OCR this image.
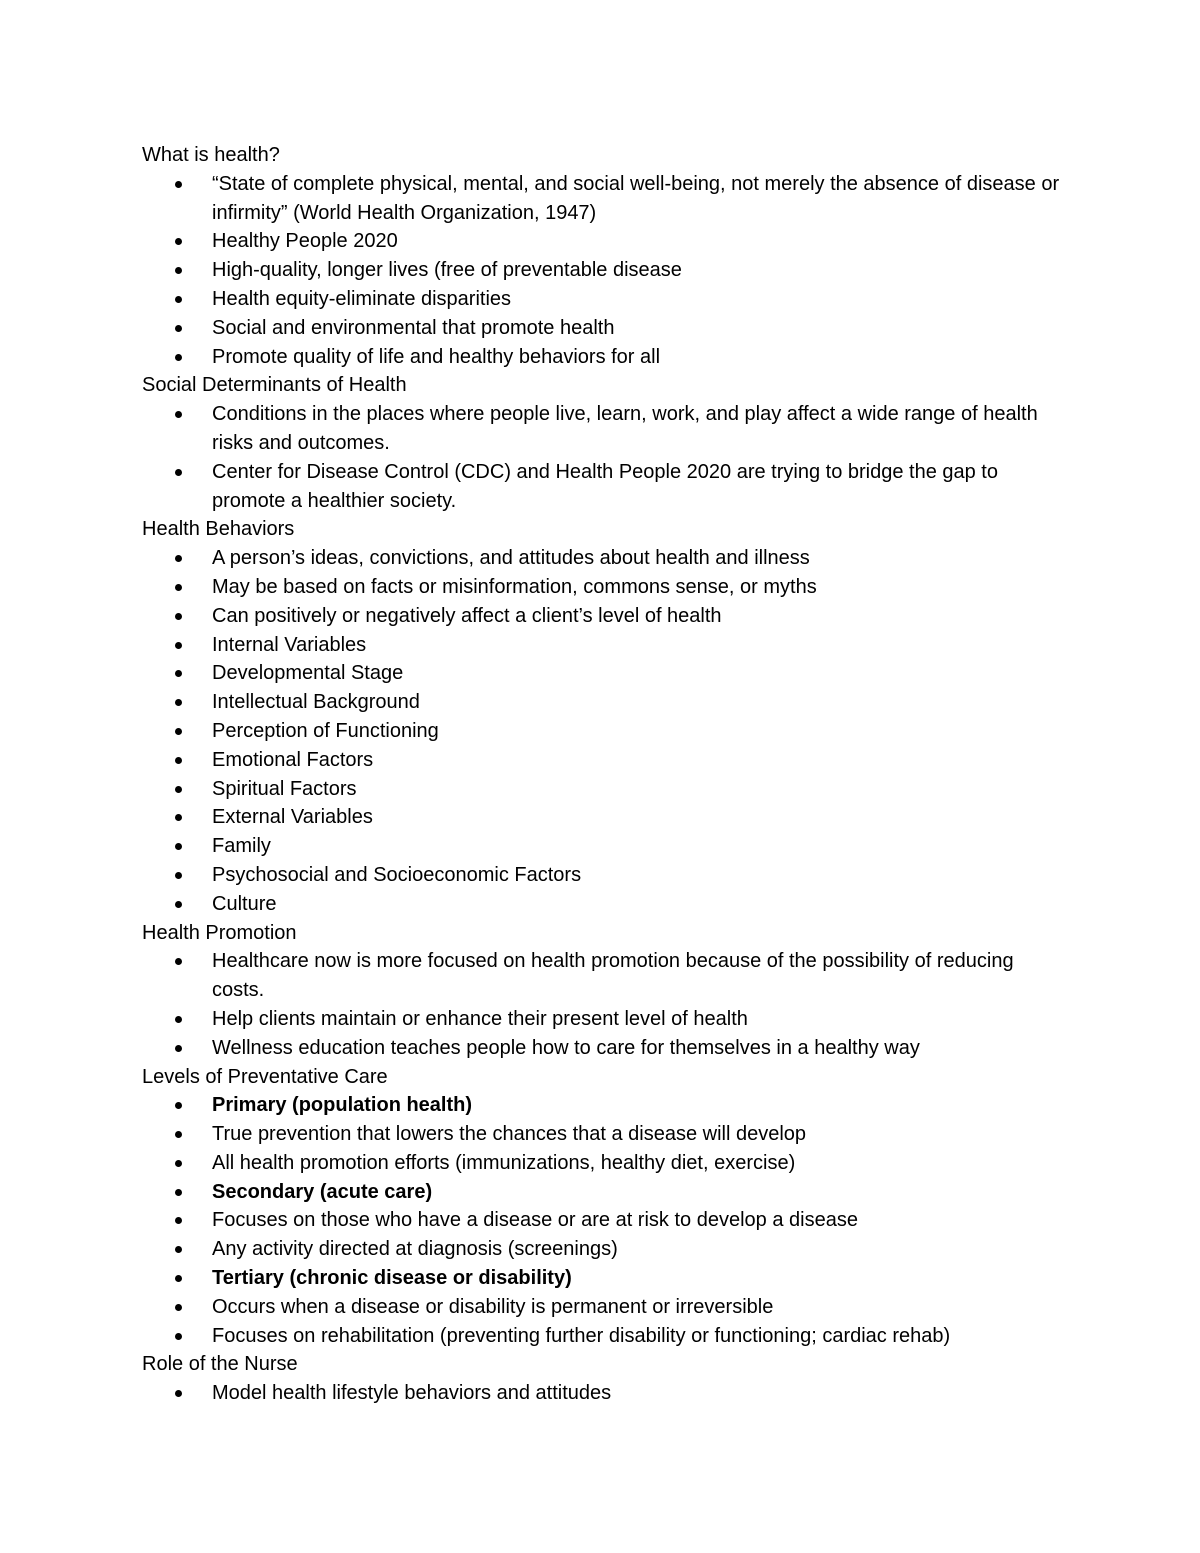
What is health?

“State of complete physical, mental, and social well-being, not merely the absence of disease or infirmity” (World Health Organization, 1947)
Healthy People 2020
High-quality, longer lives (free of preventable disease
Health equity-eliminate disparities
Social and environmental that promote health
Promote quality of life and healthy behaviors for all

Social Determinants of Health

Conditions in the places where people live, learn, work, and play affect a wide range of health risks and outcomes.
Center for Disease Control (CDC) and Health People 2020 are trying to bridge the gap to promote a healthier society.

Health Behaviors

A person’s ideas, convictions, and attitudes about health and illness
May be based on facts or misinformation, commons sense, or myths
Can positively or negatively affect a client’s level of health
Internal Variables
Developmental Stage
Intellectual Background
Perception of Functioning
Emotional Factors
Spiritual Factors
External Variables
Family
Psychosocial and Socioeconomic Factors
Culture

Health Promotion

Healthcare now is more focused on health promotion because of the possibility of reducing costs.
Help clients maintain or enhance their present level of health
Wellness education teaches people how to care for themselves in a healthy way

Levels of Preventative Care

Primary (population health)
True prevention that lowers the chances that a disease will develop
All health promotion efforts (immunizations, healthy diet, exercise)
Secondary (acute care)
Focuses on those who have a disease or are at risk to develop a disease
Any activity directed at diagnosis (screenings)
Tertiary (chronic disease or disability)
Occurs when a disease or disability is permanent or irreversible
Focuses on rehabilitation (preventing further disability or functioning; cardiac rehab)

Role of the Nurse

Model health lifestyle behaviors and attitudes
